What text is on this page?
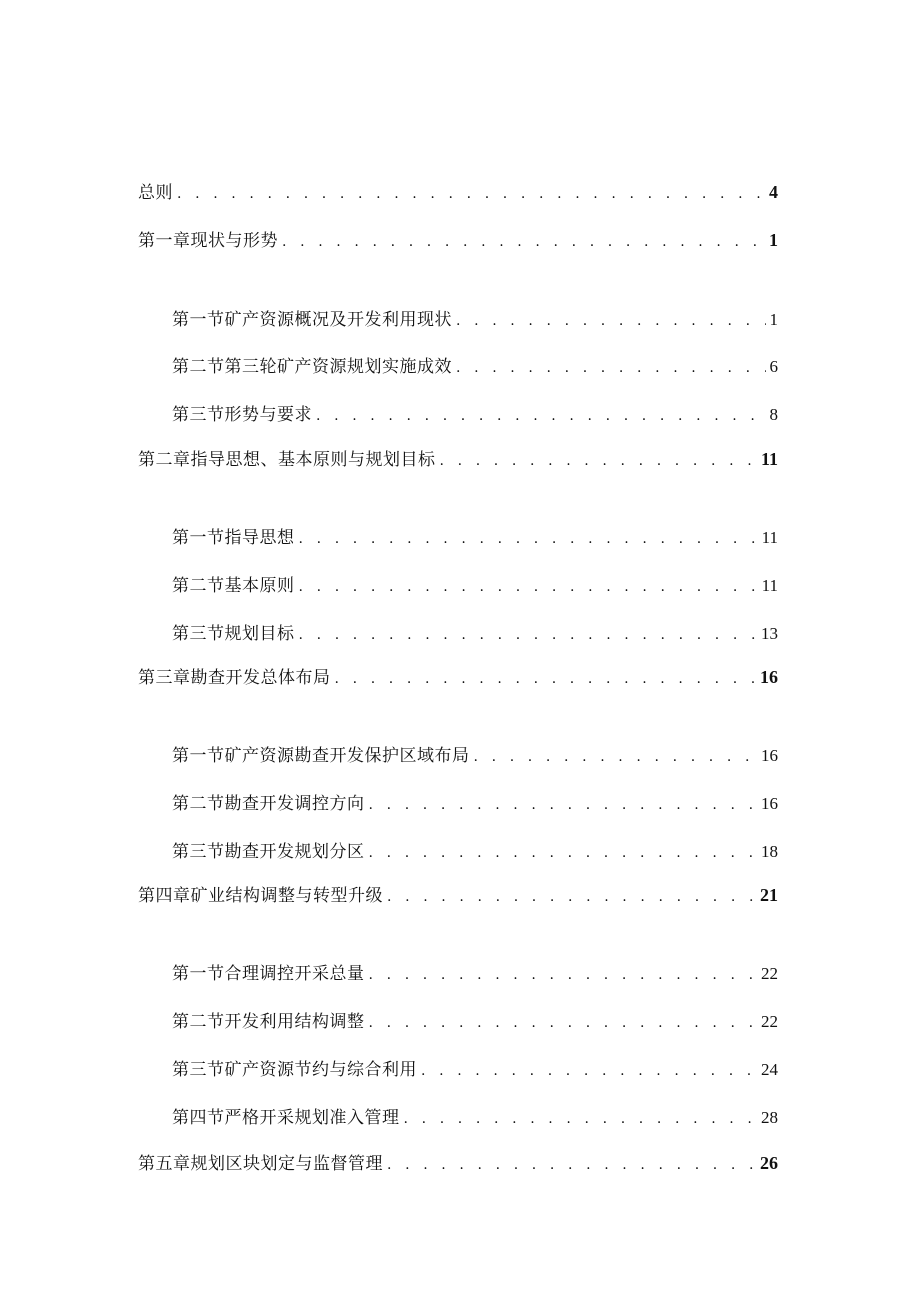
总则 . . .	4
第一章现状与形势 . . .	1
第一节矿产资源概况及开发利用现状 . . .	1
第二节第三轮矿产资源规划实施成效 . . .	6
第三节形势与要求 . . .	8
第二章指导思想、基本原则与规划目标 . . .	11
第一节指导思想 . . .	11
第二节基本原则 . . .	11
第三节规划目标 . . .	13
第三章勘查开发总体布局 . . .	16
第一节矿产资源勘查开发保护区域布局 . . .	16
第二节勘查开发调控方向 . . .	16
第三节勘查开发规划分区 . . .	18
第四章矿业结构调整与转型升级 . . .	21
第一节合理调控开采总量 . . .	22
第二节开发利用结构调整 . . .	22
第三节矿产资源节约与综合利用 . . .	24
第四节严格开采规划准入管理 . . .	28
第五章规划区块划定与监督管理 . . .	26
